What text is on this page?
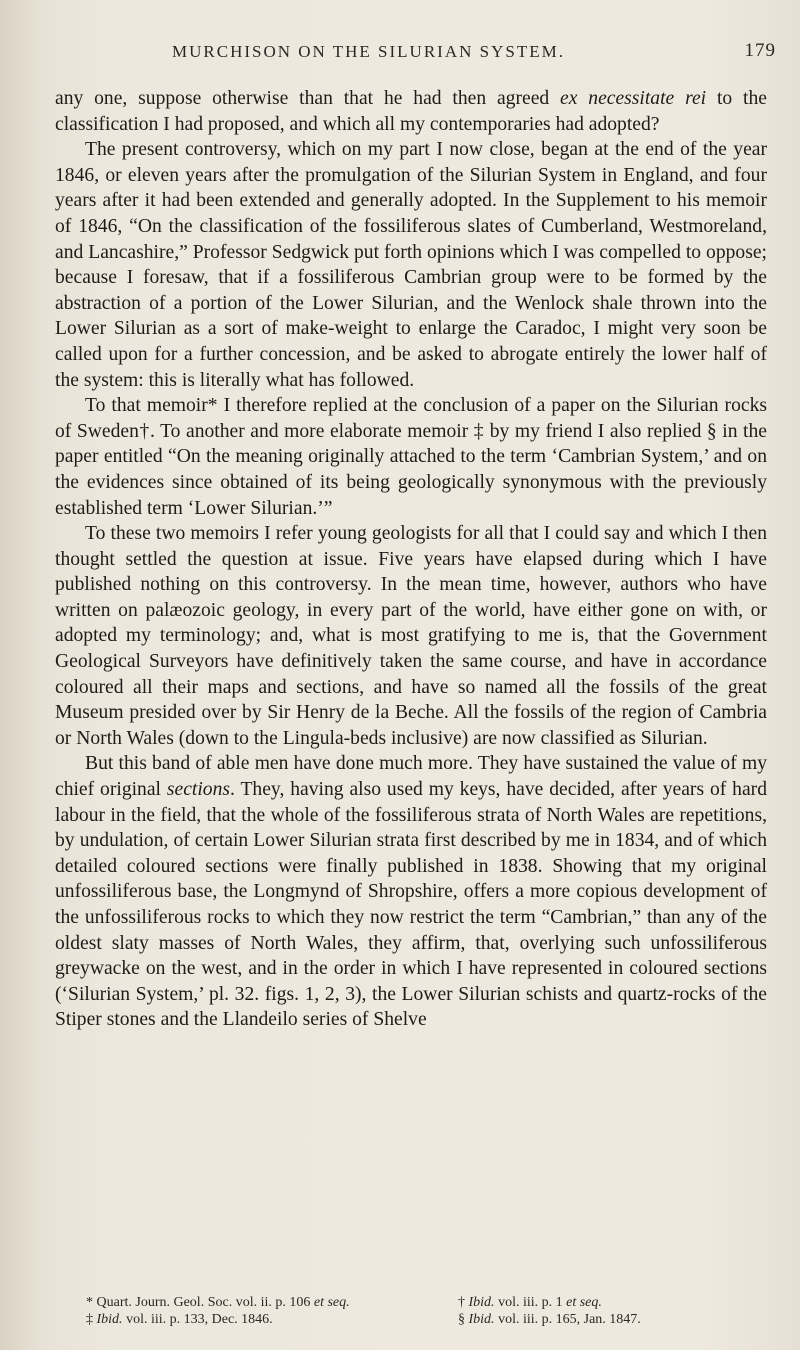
MURCHISON ON THE SILURIAN SYSTEM.	179

any one, suppose otherwise than that he had then agreed ex necessitate rei to the classification I had proposed, and which all my contemporaries had adopted?

The present controversy, which on my part I now close, began at the end of the year 1846, or eleven years after the promulgation of the Silurian System in England, and four years after it had been extended and generally adopted. In the Supplement to his memoir of 1846, “On the classification of the fossiliferous slates of Cumberland, Westmoreland, and Lancashire,” Professor Sedgwick put forth opinions which I was compelled to oppose; because I foresaw, that if a fossiliferous Cambrian group were to be formed by the abstraction of a portion of the Lower Silurian, and the Wenlock shale thrown into the Lower Silurian as a sort of make-weight to enlarge the Caradoc, I might very soon be called upon for a further concession, and be asked to abrogate entirely the lower half of the system: this is literally what has followed.

To that memoir* I therefore replied at the conclusion of a paper on the Silurian rocks of Sweden†. To another and more elaborate memoir ‡ by my friend I also replied § in the paper entitled “On the meaning originally attached to the term ‘Cambrian System,’ and on the evidences since obtained of its being geologically synonymous with the previously established term ‘Lower Silurian.’”

To these two memoirs I refer young geologists for all that I could say and which I then thought settled the question at issue. Five years have elapsed during which I have published nothing on this controversy. In the mean time, however, authors who have written on palæozoic geology, in every part of the world, have either gone on with, or adopted my terminology; and, what is most gratifying to me is, that the Government Geological Surveyors have definitively taken the same course, and have in accordance coloured all their maps and sections, and have so named all the fossils of the great Museum presided over by Sir Henry de la Beche. All the fossils of the region of Cambria or North Wales (down to the Lingula-beds inclusive) are now classified as Silurian.

But this band of able men have done much more. They have sustained the value of my chief original sections. They, having also used my keys, have decided, after years of hard labour in the field, that the whole of the fossiliferous strata of North Wales are repetitions, by undulation, of certain Lower Silurian strata first described by me in 1834, and of which detailed coloured sections were finally published in 1838. Showing that my original unfossiliferous base, the Longmynd of Shropshire, offers a more copious development of the unfossiliferous rocks to which they now restrict the term “Cambrian,” than any of the oldest slaty masses of North Wales, they affirm, that, overlying such unfossiliferous greywacke on the west, and in the order in which I have represented in coloured sections (‘Silurian System,’ pl. 32. figs. 1, 2, 3), the Lower Silurian schists and quartz-rocks of the Stiper stones and the Llandeilo series of Shelve

* Quart. Journ. Geol. Soc. vol. ii. p. 106 et seq.	† Ibid. vol. iii. p. 1 et seq.
‡ Ibid. vol. iii. p. 133, Dec. 1846.	§ Ibid. vol. iii. p. 165, Jan. 1847.
